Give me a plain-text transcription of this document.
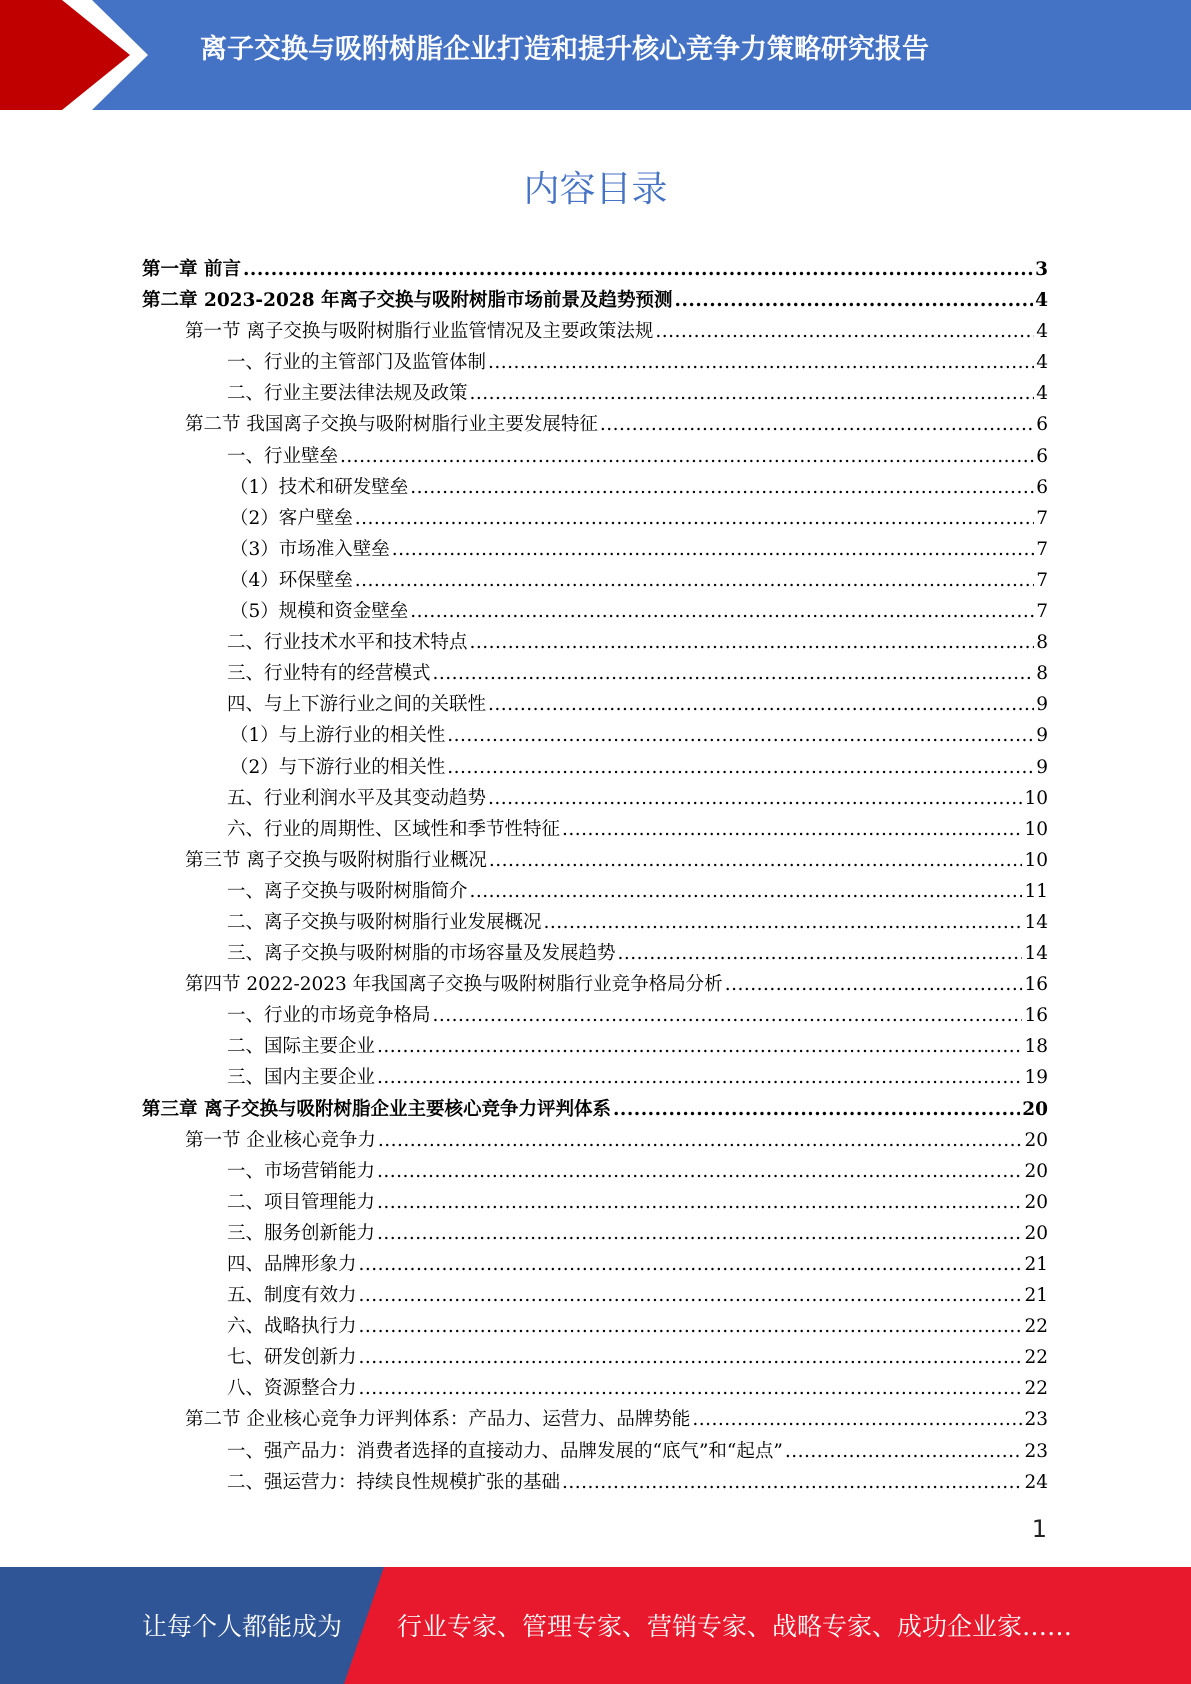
离子交换与吸附树脂企业打造和提升核心竞争力策略研究报告
内容目录
第一章 前言 .....	3
第二章 2023-2028 年离子交换与吸附树脂市场前景及趋势预测 .....	4
第一节 离子交换与吸附树脂行业监管情况及主要政策法规 .....	4
一、行业的主管部门及监管体制 .....	4
二、行业主要法律法规及政策 .....	4
第二节 我国离子交换与吸附树脂行业主要发展特征 .....	6
一、行业壁垒 .....	6
（1）技术和研发壁垒 .....	6
（2）客户壁垒 .....	7
（3）市场准入壁垒 .....	7
（4）环保壁垒 .....	7
（5）规模和资金壁垒 .....	7
二、行业技术水平和技术特点 .....	8
三、行业特有的经营模式 .....	8
四、与上下游行业之间的关联性 .....	9
（1）与上游行业的相关性 .....	9
（2）与下游行业的相关性 .....	9
五、行业利润水平及其变动趋势 .....	10
六、行业的周期性、区域性和季节性特征 .....	10
第三节 离子交换与吸附树脂行业概况 .....	10
一、离子交换与吸附树脂简介 .....	11
二、离子交换与吸附树脂行业发展概况 .....	14
三、离子交换与吸附树脂的市场容量及发展趋势 .....	14
第四节 2022-2023 年我国离子交换与吸附树脂行业竞争格局分析 .....	16
一、行业的市场竞争格局 .....	16
二、国际主要企业 .....	18
三、国内主要企业 .....	19
第三章 离子交换与吸附树脂企业主要核心竞争力评判体系 .....	20
第一节 企业核心竞争力 .....	20
一、市场营销能力 .....	20
二、项目管理能力 .....	20
三、服务创新能力 .....	20
四、品牌形象力 .....	21
五、制度有效力 .....	21
六、战略执行力 .....	22
七、研发创新力 .....	22
八、资源整合力 .....	22
第二节 企业核心竞争力评判体系：产品力、运营力、品牌势能 .....	23
一、强产品力：消费者选择的直接动力、品牌发展的“底气”和“起点” .....	23
二、强运营力：持续良性规模扩张的基础 .....	24
1
让每个人都能成为 行业专家、管理专家、营销专家、战略专家、成功企业家……
